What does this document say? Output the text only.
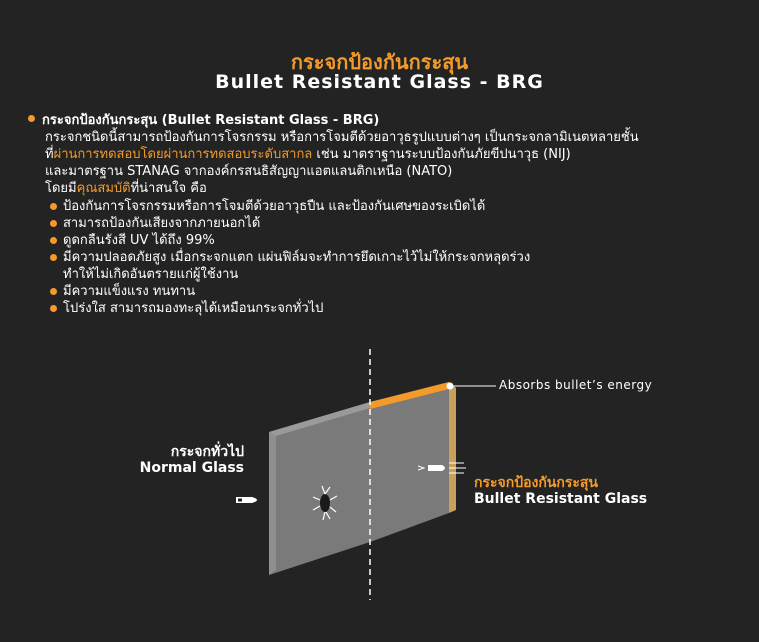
กระจกป้องกันกระสุน
Bullet Resistant Glass - BRG
กระจกป้องกันกระสุน (Bullet Resistant Glass - BRG)
กระจกชนิดนี้สามารถป้องกันการโจรกรรม หรือการโจมตีด้วยอาวุธรูปแบบต่างๆ เป็นกระจกลามิเนตหลายชั้น
ที่ผ่านการทดสอบโดยผ่านการทดสอบระดับสากล เช่น มาตราฐานระบบป้องกันภัยขีปนาวุธ (NIJ)
และมาตรฐาน STANAG จากองค์กรสนธิสัญญาแอตแลนติกเหนือ (NATO)
โดยมีคุณสมบัติที่น่าสนใจ คือ
ป้องกันการโจรกรรมหรือการโจมตีด้วยอาวุธปืน และป้องกันเศษของระเบิดได้
สามารถป้องกันเสียงจากภายนอกได้
ดูดกลืนรังสี UV ได้ถึง 99%
มีความปลอดภัยสูง เมื่อกระจกแตก แผ่นฟิล์มจะทำการยึดเกาะไว้ไม่ให้กระจกหลุดร่วง
ทำให้ไม่เกิดอันตรายแก่ผู้ใช้งาน
มีความแข็งแรง ทนทาน
โปร่งใส สามารถมองทะลุได้เหมือนกระจกทั่วไป
กระจกทั่วไป
Normal Glass
กระจกป้องกันกระสุน
Bullet Resistant Glass
Absorbs bullet’s energy
